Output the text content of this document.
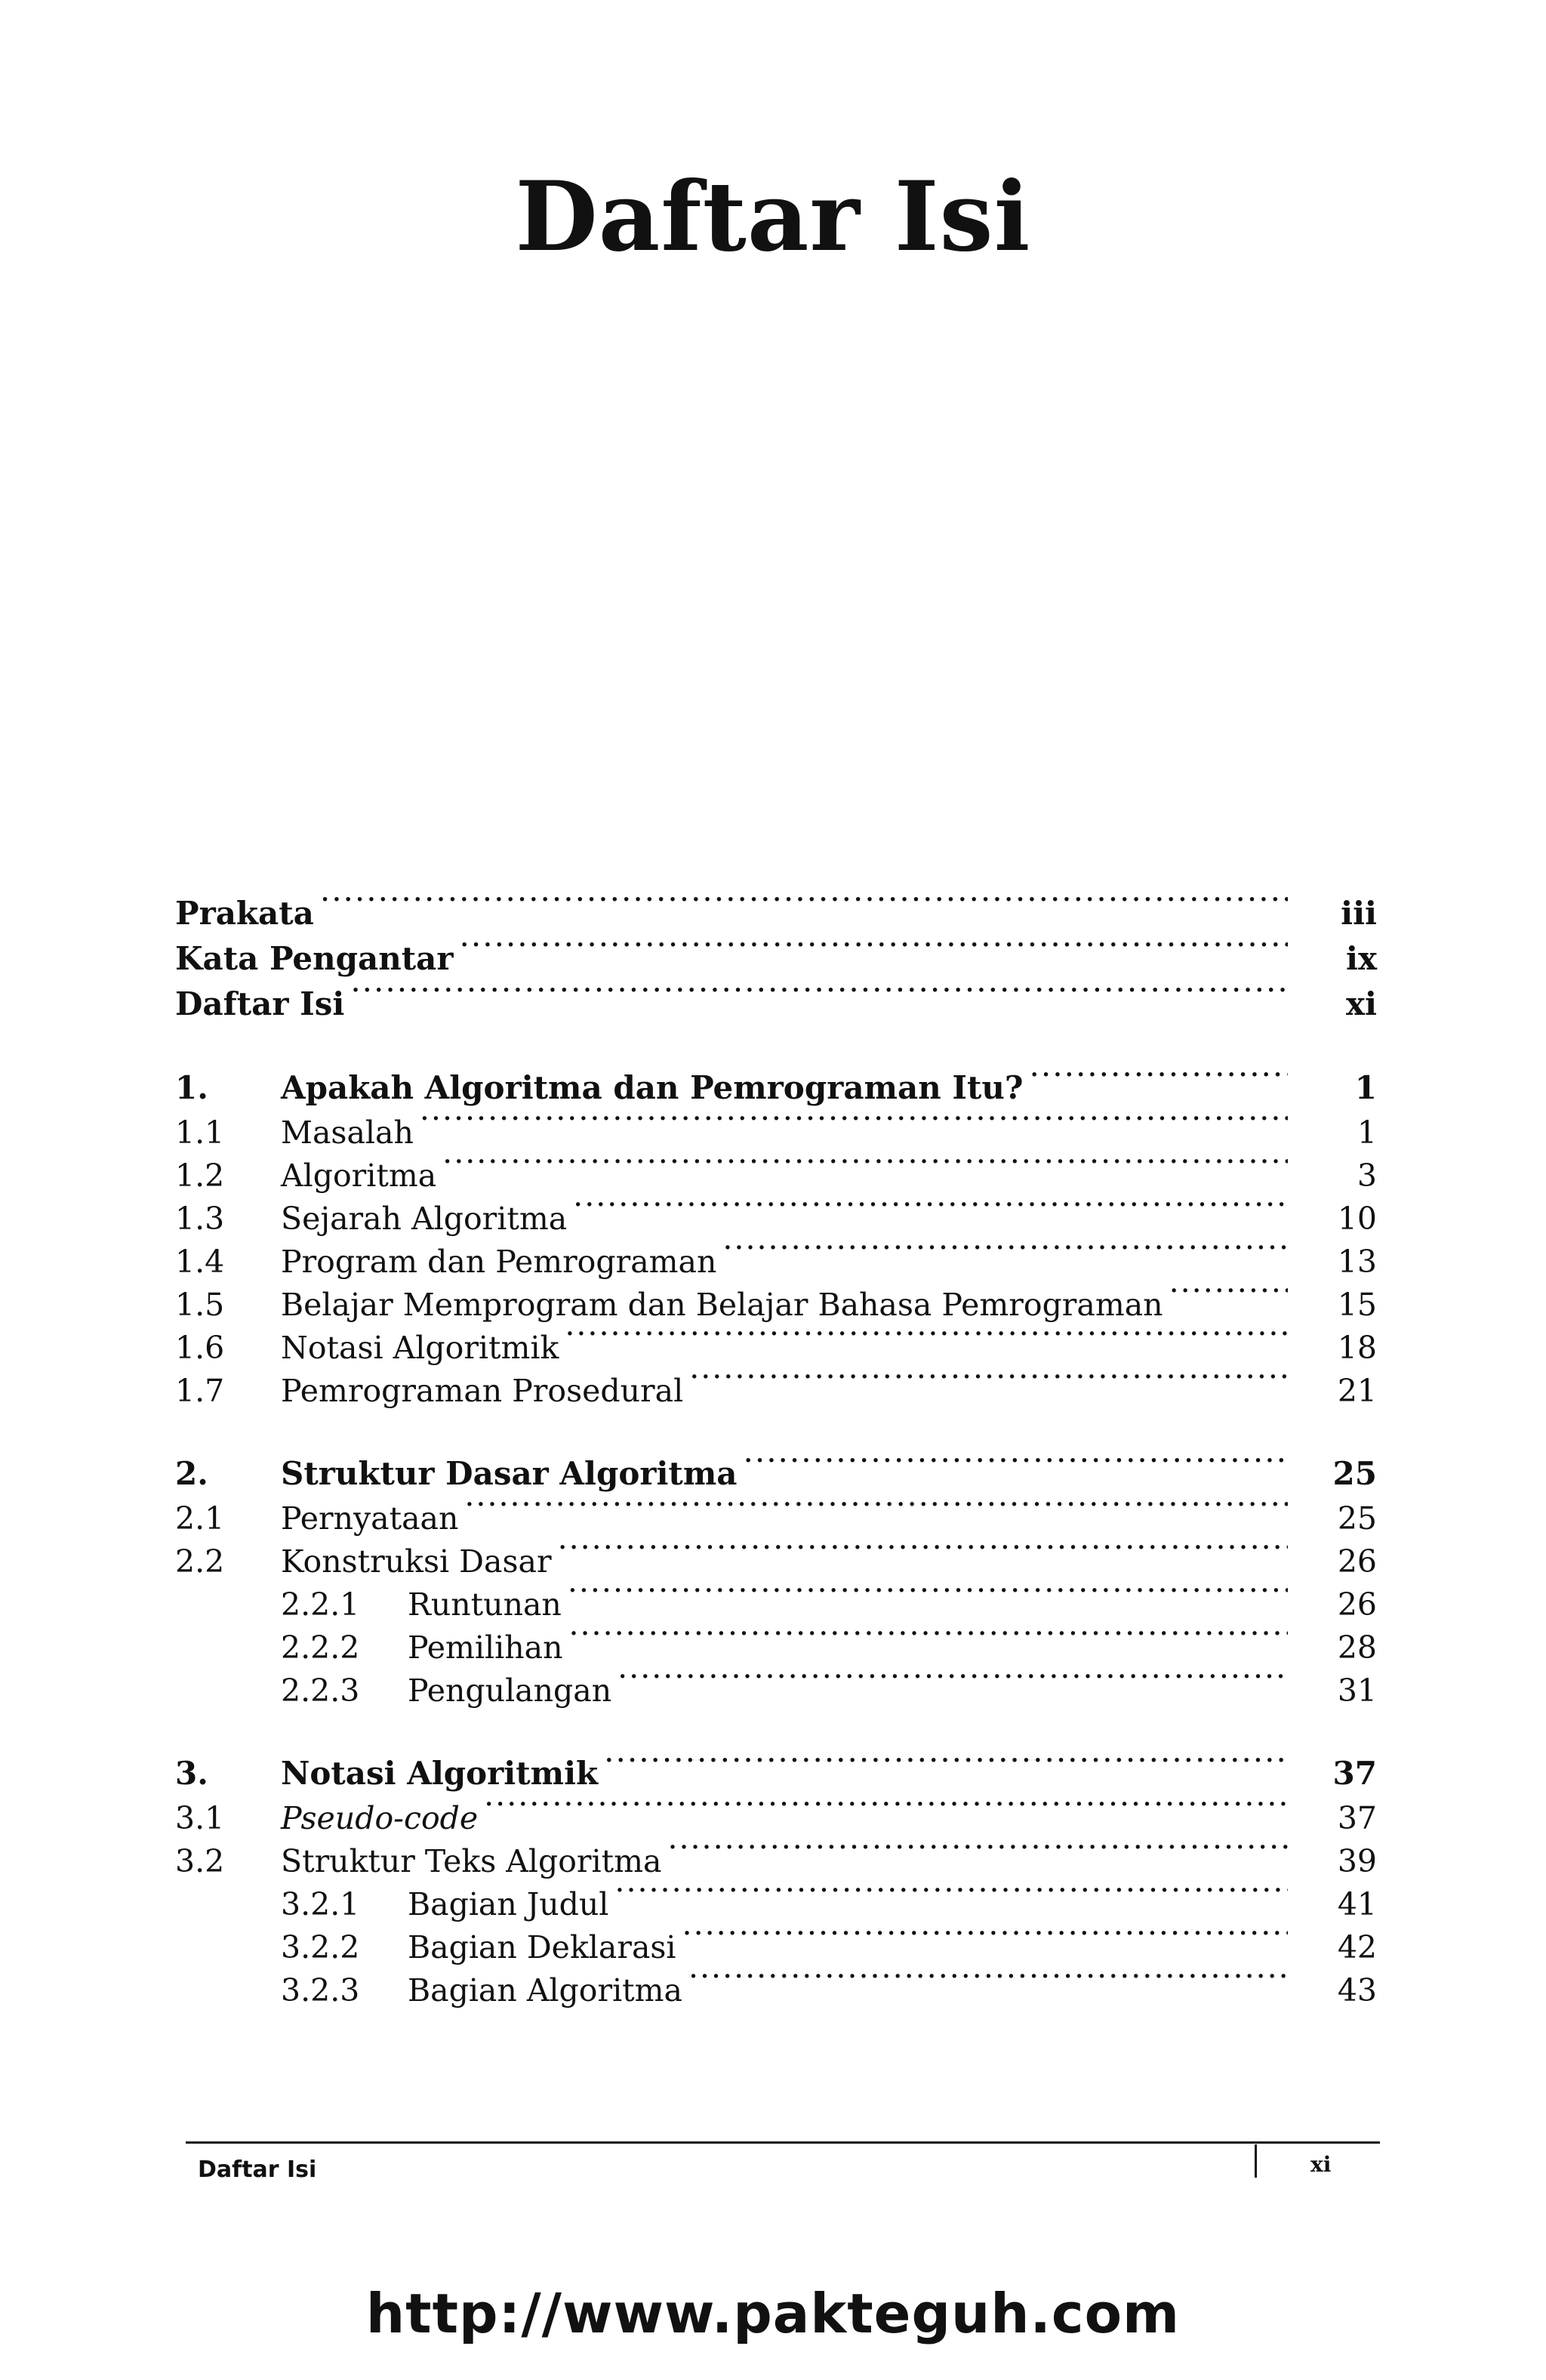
Daftar Isi
Prakata .....	iii
Kata Pengantar .....	ix
Daftar Isi .....	xi
1.	Apakah Algoritma dan Pemrograman Itu? .....	1
1.1	Masalah .....	1
1.2	Algoritma .....	3
1.3	Sejarah Algoritma .....	10
1.4	Program dan Pemrograman .....	13
1.5	Belajar Memprogram dan Belajar Bahasa Pemrograman .....	15
1.6	Notasi Algoritmik .....	18
1.7	Pemrograman Prosedural .....	21
2.	Struktur Dasar Algoritma .....	25
2.1	Pernyataan .....	25
2.2	Konstruksi Dasar .....	26
2.2.1	Runtunan .....	26
2.2.2	Pemilihan .....	28
2.2.3	Pengulangan .....	31
3.	Notasi Algoritmik .....	37
3.1	Pseudo-code .....	37
3.2	Struktur Teks Algoritma .....	39
3.2.1	Bagian Judul .....	41
3.2.2	Bagian Deklarasi .....	42
3.2.3	Bagian Algoritma .....	43
Daftar Isi	xi
http://www.pakteguh.com
